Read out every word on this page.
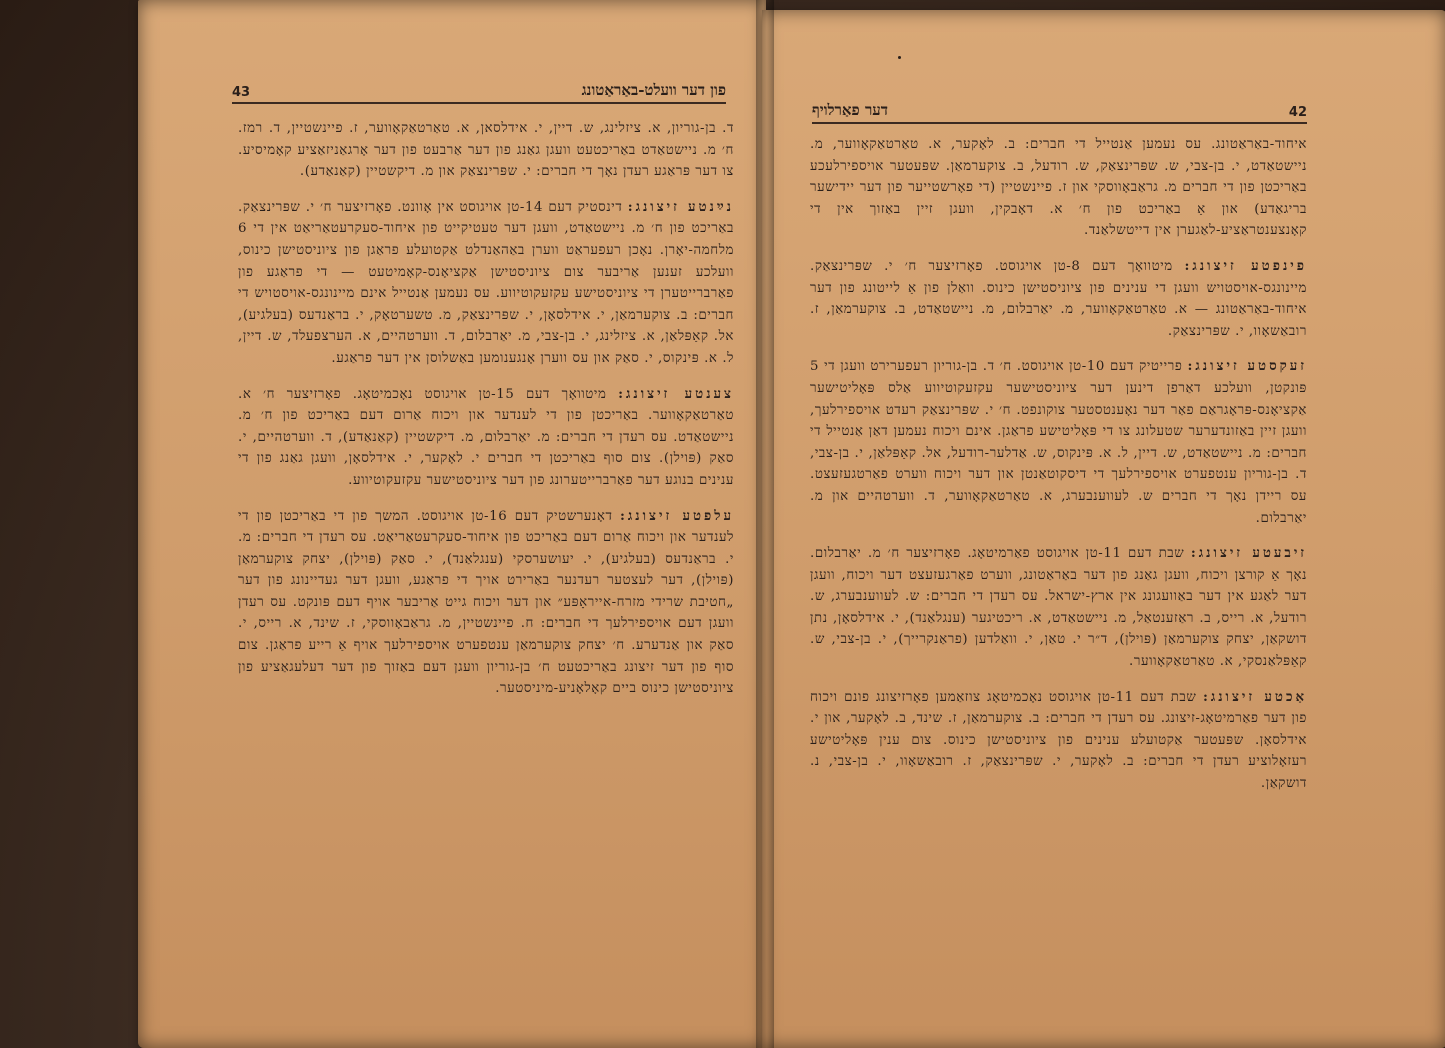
פון דער וועלט-באַראַטונג
43

ד. בן-גוריון, א. ציזלינג, ש. דיין, י. אידלסאן, א. טאַרטאַקאָווער, ז. פיינשטיין, ד. רמז. ח׳ מ. ניישטאַדט באַריכטעט וועגן גאַנג פון דער אַרבעט פון דער אָרגאַניזאַציע קאָמיסיע. צו דער פּראַגע רעדן נאָך די חברים: י. שפּרינצאַק און מ. דיקשטיין (קאַנאַדע).

נײַנטע זיצונג: דינסטיק דעם 14-טן אויגוסט אין אָוונט. פאָרזיצער ח׳ י. שפּרינצאַק. באַריכט פון ח׳ מ. ניישטאַדט, וועגן דער טעטיקייט פון איחוד-סעקרעטאַריאַט אין די 6 מלחמה-יאָרן. נאָכן רעפעראַט ווערן באַהאַנדלט אַקטועלע פראַגן פון ציוניסטישן כינוס, וועלכע זענען אַריבער צום ציוניסטישן אַקציאָנס-קאָמיטעט — די פראַגע פון פאַרברייטערן די ציוניסטישע עקזעקוטיווע. עס נעמען אַנטייל אינם מיינונגס-אויסטויש די חברים: ב. צוקערמאַן, י. אידלסאָן, י. שפּרינצאַק, מ. טשערטאָק, י. בראַנדעס (בעלגיע), אל. קאַפּלאַן, א. ציזלינג, י. בן-צבי, מ. יאַרבלום, ד. ווערטהיים, א. הערצפעלד, ש. דיין, ל. א. פּינקוס, י. סאַק און עס ווערן אָנגענומען באַשלוסן אין דער פראַגע.

צענטע זיצונג: מיטוואָך דעם 15-טן אויגוסט נאָכמיטאָג. פאָרזיצער ח׳ א. טאַרטאַקאָווער. באַריכטן פון די לענדער און ויכוח אַרום דעם באַריכט פון ח׳ מ. ניישטאַדט. עס רעדן די חברים: מ. יאַרבלום, מ. דיקשטיין (קאַנאַדע), ד. ווערטהיים, י. סאַק (פּוילן). צום סוף באַריכטן די חברים י. לאָקער, י. אידלסאָן, וועגן גאַנג פון די ענינים בנוגע דער פאַרברייטערונג פון דער ציוניסטישער עקזעקוטיווע.

עלפטע זיצונג: דאָנערשטיק דעם 16-טן אויגוסט. המשך פון די באַריכטן פון די לענדער און ויכוח אַרום דעם באַריכט פון איחוד-סעקרעטאַריאַט. עס רעדן די חברים: מ. י. בראַנדעס (בעלגיע), י. יעושערסקי (ענגלאַנד), י. סאַק (פּוילן), יצחק צוקערמאַן (פּוילן), דער לעצטער רעדנער באַרירט אויך די פראַגע, וועגן דער געדיינונג פון דער „חטיבת שרידי מזרח-אייראָפּע״ און דער ויכוח גייט אַריבער אויף דעם פּונקט. עס רעדן וועגן דעם אויספירלעך די חברים: ח. פיינשטיין, מ. גראַבאָווסקי, ז. שינד, א. רייס, י. סאַק און אַנדערע. ח׳ יצחק צוקערמאַן ענטפערט אויספירלעך אויף אַ רייע פראַגן. צום סוף פון דער זיצונג באַריכטעט ח׳ בן-גוריון וועגן דעם באַזוך פון דער דעלעגאַציע פון ציוניסטישן כינוס ביים קאָלאָניע-מיניסטער.

42
דער פאַרלויף

איחוד-באַראַטונג. עס נעמען אַנטייל די חברים: ב. לאָקער, א. טאַרטאַקאָווער, מ. ניישטאַדט, י. בן-צבי, ש. שפּרינצאַק, ש. רודעל, ב. צוקערמאַן. שפּעטער אויספירלעכע באַריכטן פון די חברים מ. גראַבאָווסקי און ז. פיינשטיין (די פאָרשטייער פון דער יידישער בריגאַדע) און אַ באַריכט פון ח׳ א. דאָבקין, וועגן זיין באַזוך אין די קאָנצענטראַציע-לאַגערן אין דייטשלאַנד.

פינפטע זיצונג: מיטוואָך דעם 8-טן אויגוסט. פאָרזיצער ח׳ י. שפּרינצאַק. מיינונגס-אויסטויש וועגן די ענינים פון ציוניסטישן כינוס. וואַלן פון אַ לייטונג פון דער איחוד-באַראַטונג — א. טאַרטאַקאָווער, מ. יאַרבלום, מ. ניישטאַדט, ב. צוקערמאַן, ז. רובאַשאָוו, י. שפּרינצאַק.

זעקסטע זיצונג: פרייטיק דעם 10-טן אויגוסט. ח׳ ד. בן-גוריון רעפערירט וועגן די 5 פּונקטן, וועלכע דאַרפן דינען דער ציוניסטישער עקזעקוטיווע אַלס פּאָליטישער אַקציאָנס-פּראָגראַם פאַר דער נאָענטסטער צוקונפט. ח׳ י. שפּרינצאַק רעדט אויספירלעך, וועגן זיין באַזונדערער שטעלונג צו די פּאָליטישע פראַגן. אינם ויכוח נעמען דאַן אַנטייל די חברים: מ. ניישטאַדט, ש. דיין, ל. א. פּינקוס, ש. אַדלער-רודעל, אל. קאַפּלאַן, י. בן-צבי, ד. בן-גוריון ענטפערט אויספירלעך די דיסקוטאַנטן און דער ויכוח ווערט פאַרטגעזעצט. עס ריידן נאָך די חברים ש. לעווענבערג, א. טאַרטאַקאָווער, ד. ווערטהיים און מ. יאַרבלום.

זיבעטע זיצונג: שבת דעם 11-טן אויגוסט פאַרמיטאָג. פאָרזיצער ח׳ מ. יאַרבלום. נאָך אַ קורצן ויכוח, וועגן גאַנג פון דער באַראַטונג, ווערט פאַרגעזעצט דער ויכוח, וועגן דער לאַגע אין דער באַוועגונג אין ארץ-ישראל. עס רעדן די חברים: ש. לעווענבערג, ש. רודעל, א. רייס, ב. ראַזענטאַל, מ. ניישטאַדט, א. ריכטיגער (ענגלאַנד), י. אידלסאָן, נתן דושקאַן, יצחק צוקערמאַן (פּוילן), ד״ר י. טאַן, י. וואַלדען (פראַנקרייך), י. בן-צבי, ש. קאַפּלאַנסקי, א. טאַרטאַקאָווער.

אַכטע זיצונג: שבת דעם 11-טן אויגוסט נאָכמיטאָג צוזאַמען פאָרזיצונג פונם ויכוח פון דער פאַרמיטאָג-זיצונג. עס רעדן די חברים: ב. צוקערמאַן, ז. שינד, ב. לאָקער, און י. אידלסאָן. שפּעטער אַקטועלע ענינים פון ציוניסטישן כינוס. צום ענין פּאָליטישע רעזאָלוציע רעדן די חברים: ב. לאָקער, י. שפּרינצאַק, ז. רובאַשאָוו, י. בן-צבי, נ. דושקאַן.
